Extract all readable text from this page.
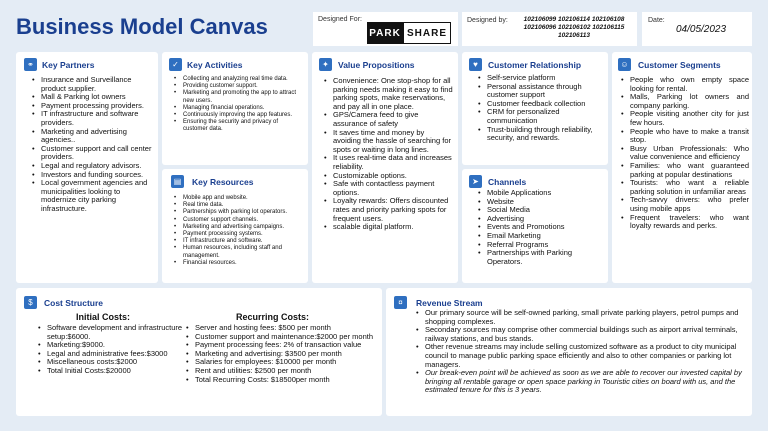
Business Model Canvas	Designed For:
PARK SHARE
Designed by:	102106099 102106114 102106108 102106096 102106102 102106115 102106113
Date:
04/05/2023
⚭ Key Partners
• Insurance and Surveillance product supplier.
• Mall & Parking lot owners
• Payment processing providers.
• IT infrastructure and software providers.
• Marketing and advertising agencies..
• Customer support and call center providers.
• Legal and regulatory advisors.
• Investors and funding sources.
• Local government agencies and municipalities looking to modernize city parking infrastructure.
✓ Key Activities
• Collecting and analyzing real time data.
• Providing customer support.
• Marketing and promoting the app to attract new users.
• Managing financial operations.
• Continuously improving the app features.
• Ensuring the security and privacy of customer data.
▤	Key Resources
• Mobile app and website.
• Real time data.
• Partnerships with parking lot operators.
• Customer support channels.
• Marketing and advertising campaigns.
• Payment processing systems.
• IT infrastructure and software.
• Human resources, including staff and management.
• Financial resources.
✦	Value Propositions
• Convenience: One stop-shop for all parking needs making it easy to find parking spots, make reservations, and pay all in one place.
• GPS/Camera feed to give assurance of safety
• It saves time and money by avoiding the hassle of searching for spots or waiting in long lines.
• It uses real-time data and increases reliability.
• Customizable options.
• Safe with contactless payment options.
• Loyalty rewards: Offers discounted rates and priority parking spots for frequent users.
• scalable digital platform.
♥	Customer Relationship
• Self-service platform
• Personal assistance through customer support
• Customer feedback collection
• CRM for personalized communication
• Trust-building through reliability, security, and rewards.
➤	Channels
• Mobile Applications
• Website
• Social Media
• Advertising
• Events and Promotions
• Email Marketing
• Referral Programs
• Partnerships with Parking Operators.
☺ Customer Segments
• People who own empty space looking for rental.
• Malls, Parking lot owners and company parking.
• People visiting another city for just few hours.
• People who have to make a transit stop.
• Busy Urban Professionals: Who value convenience and efficiency
• Families: who want guaranteed parking at popular destinations
• Tourists: who want a reliable parking solution in unfamiliar areas
• Tech-savvy drivers: who prefer using mobile apps
• Frequent travelers: who want loyalty rewards and perks.
$	Cost Structure
Initial Costs:
• Software development and infrastructure setup:$6000.
• Marketing:$9000.
• Legal and administrative fees:$3000
• Miscellaneous costs:$2000
• Total Initial Costs:$20000
Recurring Costs:
• Server and hosting fees: $500 per month
• Customer support and maintenance:$2000 per month
• Payment processing fees: 2% of transaction value
• Marketing and advertising: $3500 per month
• Salaries for employees: $10000 per month
• Rent and utilities: $2500 per month
• Total Recurring Costs: $18500per month
¤	Revenue Stream
• Our primary source will be self-owned parking, small private parking players, petrol pumps and shopping complexes.
• Secondary sources may comprise other commercial buildings such as airport arrival terminals, railway stations, and bus stands.
• Other revenue streams may include selling customized software as a product to city municipal council to manage public parking space efficiently and also to other companies or parking lot managers.
• Our break-even point will be achieved as soon as we are able to recover our invested capital by bringing all rentable garage or open space parking in Touristic cities on board with us, and the estimated tenure for this is 3 years.
